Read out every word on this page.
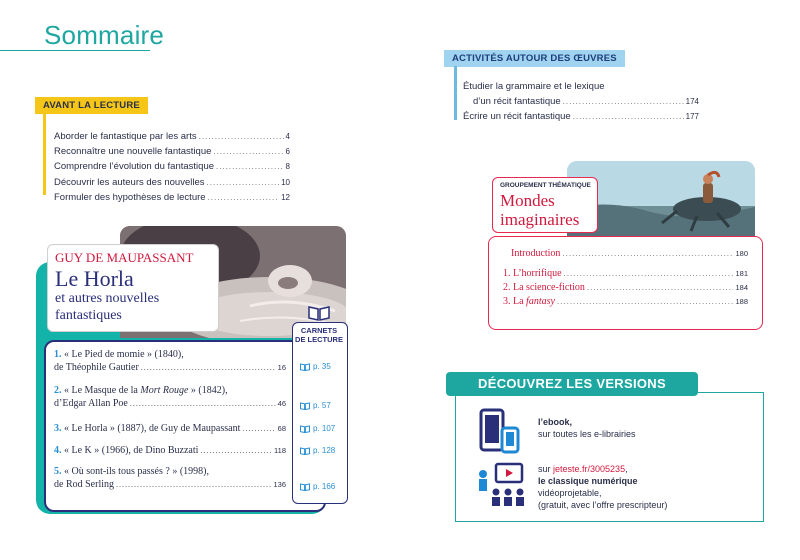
Sommaire
AVANT LA LECTURE
Aborder le fantastique par les arts .....	4
Reconnaître une nouvelle fantastique .....	6
Comprendre l’évolution du fantastique .....	8
Découvrir les auteurs des nouvelles .....	10
Formuler des hypothèses de lecture .....	12
ACTIVITÉS AUTOUR DES ŒUVRES
Étudier la grammaire et le lexique
d’un récit fantastique .....	174
Écrire un récit fantastique .....	177
GUY DE MAUPASSANT
Le Horla
et autres nouvelles fantastiques
CARNETS
DE LECTURE
1. « Le Pied de momie » (1840),
de Théophile Gautier .....	16	p. 35
2. « Le Masque de la Mort Rouge » (1842),
d’Edgar Allan Poe .....	46	p. 57
3.
« Le Horla » (1887), de Guy de Maupassant .....	68	p. 107
4.
« Le K » (1966), de Dino Buzzati .....	118	p. 128
5. « Où sont-ils tous passés ? » (1998),
de Rod Serling .....	136	p. 166
GROUPEMENT THÉMATIQUE
Mondes
imaginaires
Introduction .....	180
1. L’horrifique .....	181
2. La science-fiction .....	184
3. La fantasy .....	188
DÉCOUVREZ LES VERSIONS NUMÉRIQUES
l’ebook,
sur toutes les e-librairies
sur jeteste.fr/3005235,
le classique numérique
vidéoprojetable,
(gratuit, avec l’offre prescripteur)
